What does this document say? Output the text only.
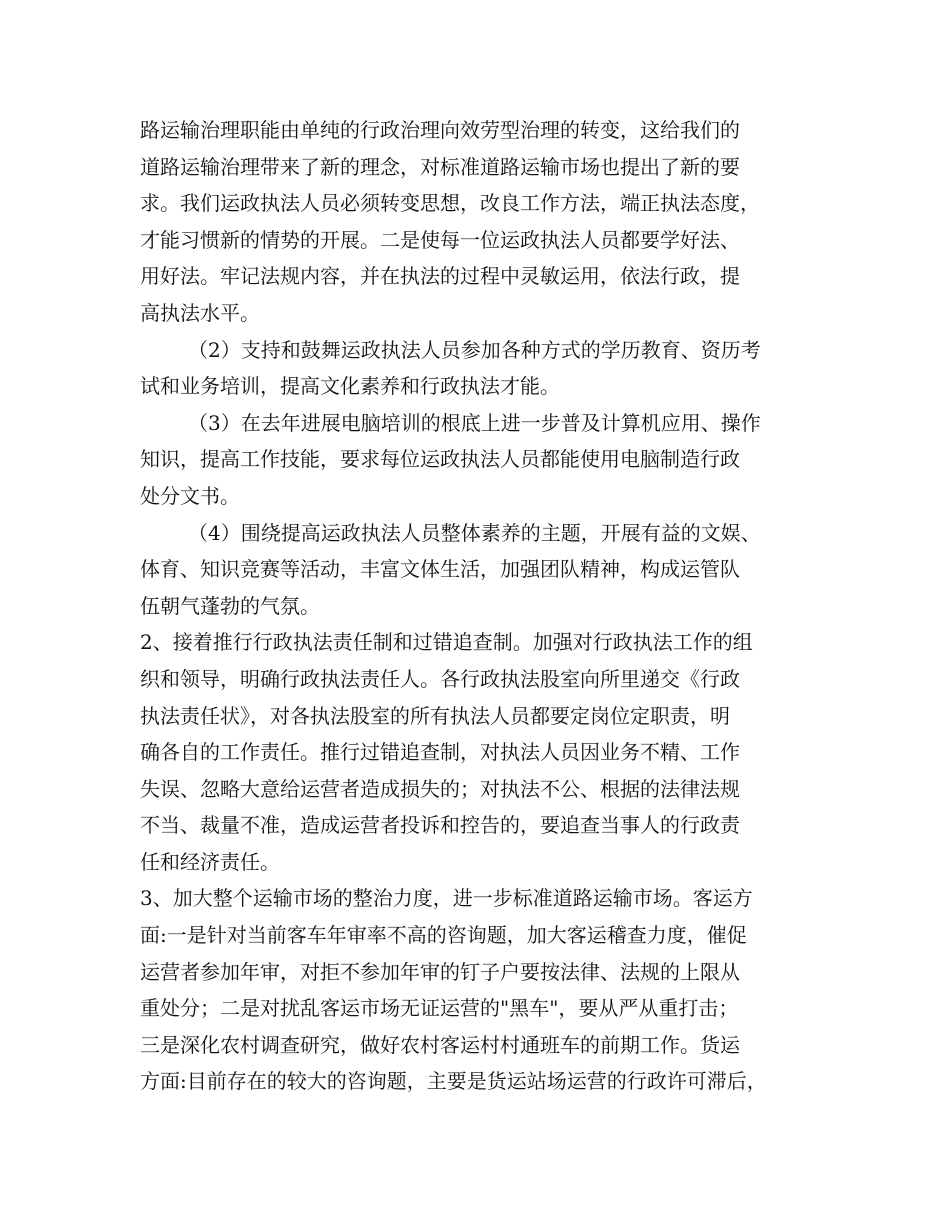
路运输治理职能由单纯的行政治理向效劳型治理的转变，这给我们的
道路运输治理带来了新的理念，对标准道路运输市场也提出了新的要
求。我们运政执法人员必须转变思想，改良工作方法，端正执法态度，
才能习惯新的情势的开展。二是使每一位运政执法人员都要学好法、
用好法。牢记法规内容，并在执法的过程中灵敏运用，依法行政，提
高执法水平。
（2）支持和鼓舞运政执法人员参加各种方式的学历教育、资历考
试和业务培训，提高文化素养和行政执法才能。
（3）在去年进展电脑培训的根底上进一步普及计算机应用、操作
知识，提高工作技能，要求每位运政执法人员都能使用电脑制造行政
处分文书。
（4）围绕提高运政执法人员整体素养的主题，开展有益的文娱、
体育、知识竞赛等活动，丰富文体生活，加强团队精神，构成运管队
伍朝气蓬勃的气氛。
2、接着推行行政执法责任制和过错追查制。加强对行政执法工作的组
织和领导，明确行政执法责任人。各行政执法股室向所里递交《行政
执法责任状》，对各执法股室的所有执法人员都要定岗位定职责，明
确各自的工作责任。推行过错追查制，对执法人员因业务不精、工作
失误、忽略大意给运营者造成损失的；对执法不公、根据的法律法规
不当、裁量不准，造成运营者投诉和控告的，要追查当事人的行政责
任和经济责任。
3、加大整个运输市场的整治力度，进一步标准道路运输市场。客运方
面:一是针对当前客车年审率不高的咨询题，加大客运稽查力度，催促
运营者参加年审，对拒不参加年审的钉子户要按法律、法规的上限从
重处分；二是对扰乱客运市场无证运营的"黑车"，要从严从重打击；
三是深化农村调查研究，做好农村客运村村通班车的前期工作。货运
方面:目前存在的较大的咨询题，主要是货运站场运营的行政许可滞后，
